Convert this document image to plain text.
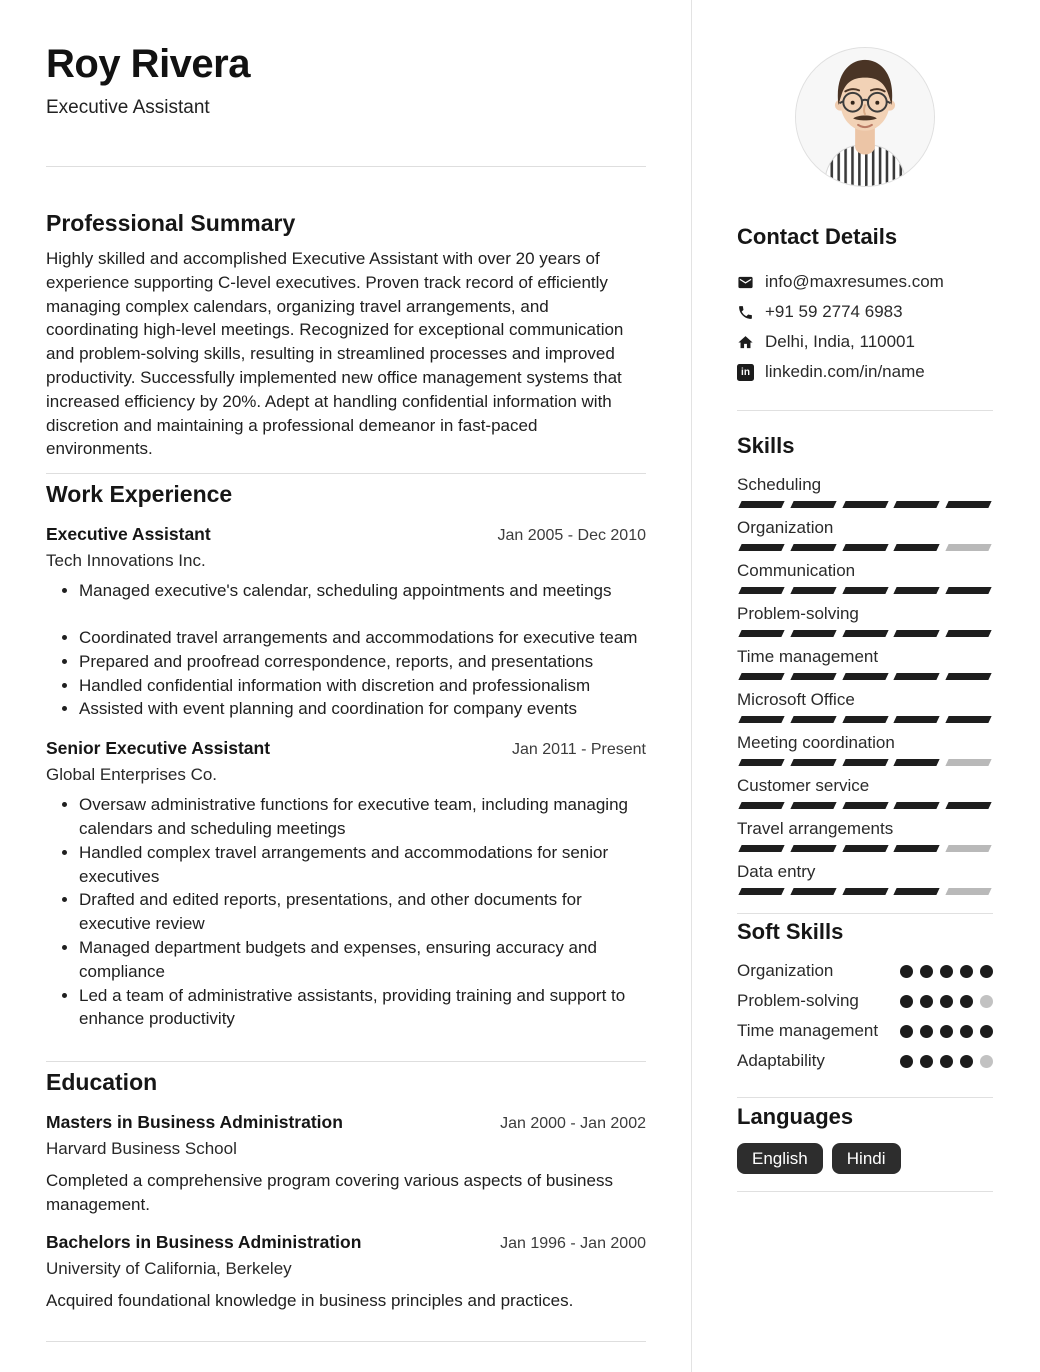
Roy Rivera
Executive Assistant
Professional Summary

Highly skilled and accomplished Executive Assistant with over 20 years of experience supporting C-level executives. Proven track record of efficiently managing complex calendars, organizing travel arrangements, and coordinating high-level meetings. Recognized for exceptional communication and problem-solving skills, resulting in streamlined processes and improved productivity. Successfully implemented new office management systems that increased efficiency by 20%. Adept at handling confidential information with discretion and maintaining a professional demeanor in fast-paced environments.

Work Experience
Executive Assistant	Jan 2005 - Dec 2010
Tech Innovations Inc.
• Managed executive's calendar, scheduling appointments and meetings
• Coordinated travel arrangements and accommodations for executive team
• Prepared and proofread correspondence, reports, and presentations
• Handled confidential information with discretion and professionalism
• Assisted with event planning and coordination for company events
Senior Executive Assistant	Jan 2011 - Present
Global Enterprises Co.
• Oversaw administrative functions for executive team, including managing calendars and scheduling meetings
• Handled complex travel arrangements and accommodations for senior executives
• Drafted and edited reports, presentations, and other documents for executive review
• Managed department budgets and expenses, ensuring accuracy and compliance
• Led a team of administrative assistants, providing training and support to enhance productivity
Education
Masters in Business Administration	Jan 2000 - Jan 2002
Harvard Business School

Completed a comprehensive program covering various aspects of business management.

Bachelors in Business Administration	Jan 1996 - Jan 2000
University of California, Berkeley

Acquired foundational knowledge in business principles and practices.

Contact Details
info@maxresumes.com
+91 59 2774 6983
Delhi, India, 110001
in linkedin.com/in/name
Skills
Scheduling
Organization
Communication
Problem-solving
Time management
Microsoft Office
Meeting coordination
Customer service
Travel arrangements
Data entry
Soft Skills
Organization
Problem-solving
Time management
Adaptability
Languages
English	Hindi
